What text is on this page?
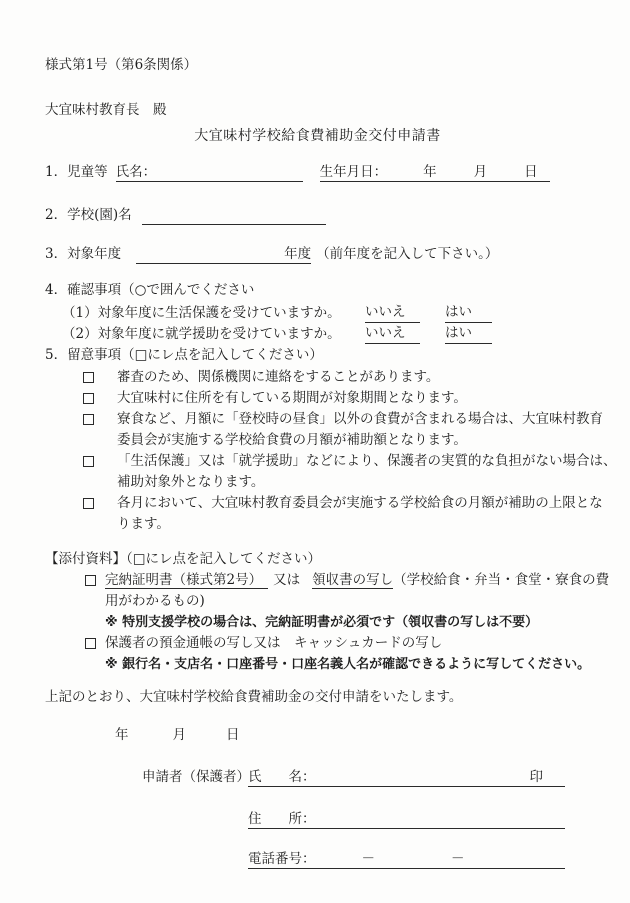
様式第1号（第6条関係）
大宜味村教育長　殿
大宜味村学校給食費補助金交付申請書
1．児童等 氏名：	生年月日：	年	月	日
2．学校(園)名
3．対象年度	年度 （前年度を記入して下さい。）
4．確認事項（○で囲んでください
（1）対象年度に生活保護を受けていますか。	いいえ	はい
（2）対象年度に就学援助を受けていますか。	いいえ	はい
5．留意事項（□にレ点を記入してください）
審査のため、関係機関に連絡をすることがあります。
大宜味村に住所を有している期間が対象期間となります。
寮食など、月額に「登校時の昼食」以外の食費が含まれる場合は、大宜味村教育
委員会が実施する学校給食費の月額が補助額となります。
「生活保護」又は「就学援助」などにより、保護者の実質的な負担がない場合は、
補助対象外となります。
各月において、大宜味村教育委員会が実施する学校給食の月額が補助の上限とな
ります。
【添付資料】（□にレ点を記入してください）
完納証明書（様式第2号） 又は 領収書の写し（学校給食・弁当・食堂・寮食の費
用がわかるもの)
※ 特別支援学校の場合は、完納証明書が必須です（領収書の写しは不要）
保護者の預金通帳の写し又は　キャッシュカードの写し
※ 銀行名・支店名・口座番号・口座名義人名が確認できるように写してください。
上記のとおり、大宜味村学校給食費補助金の交付申請をいたします。
年	月	日
申請者（保護者）
氏　　名：	印
住　　所：
電話番号：	－	－
